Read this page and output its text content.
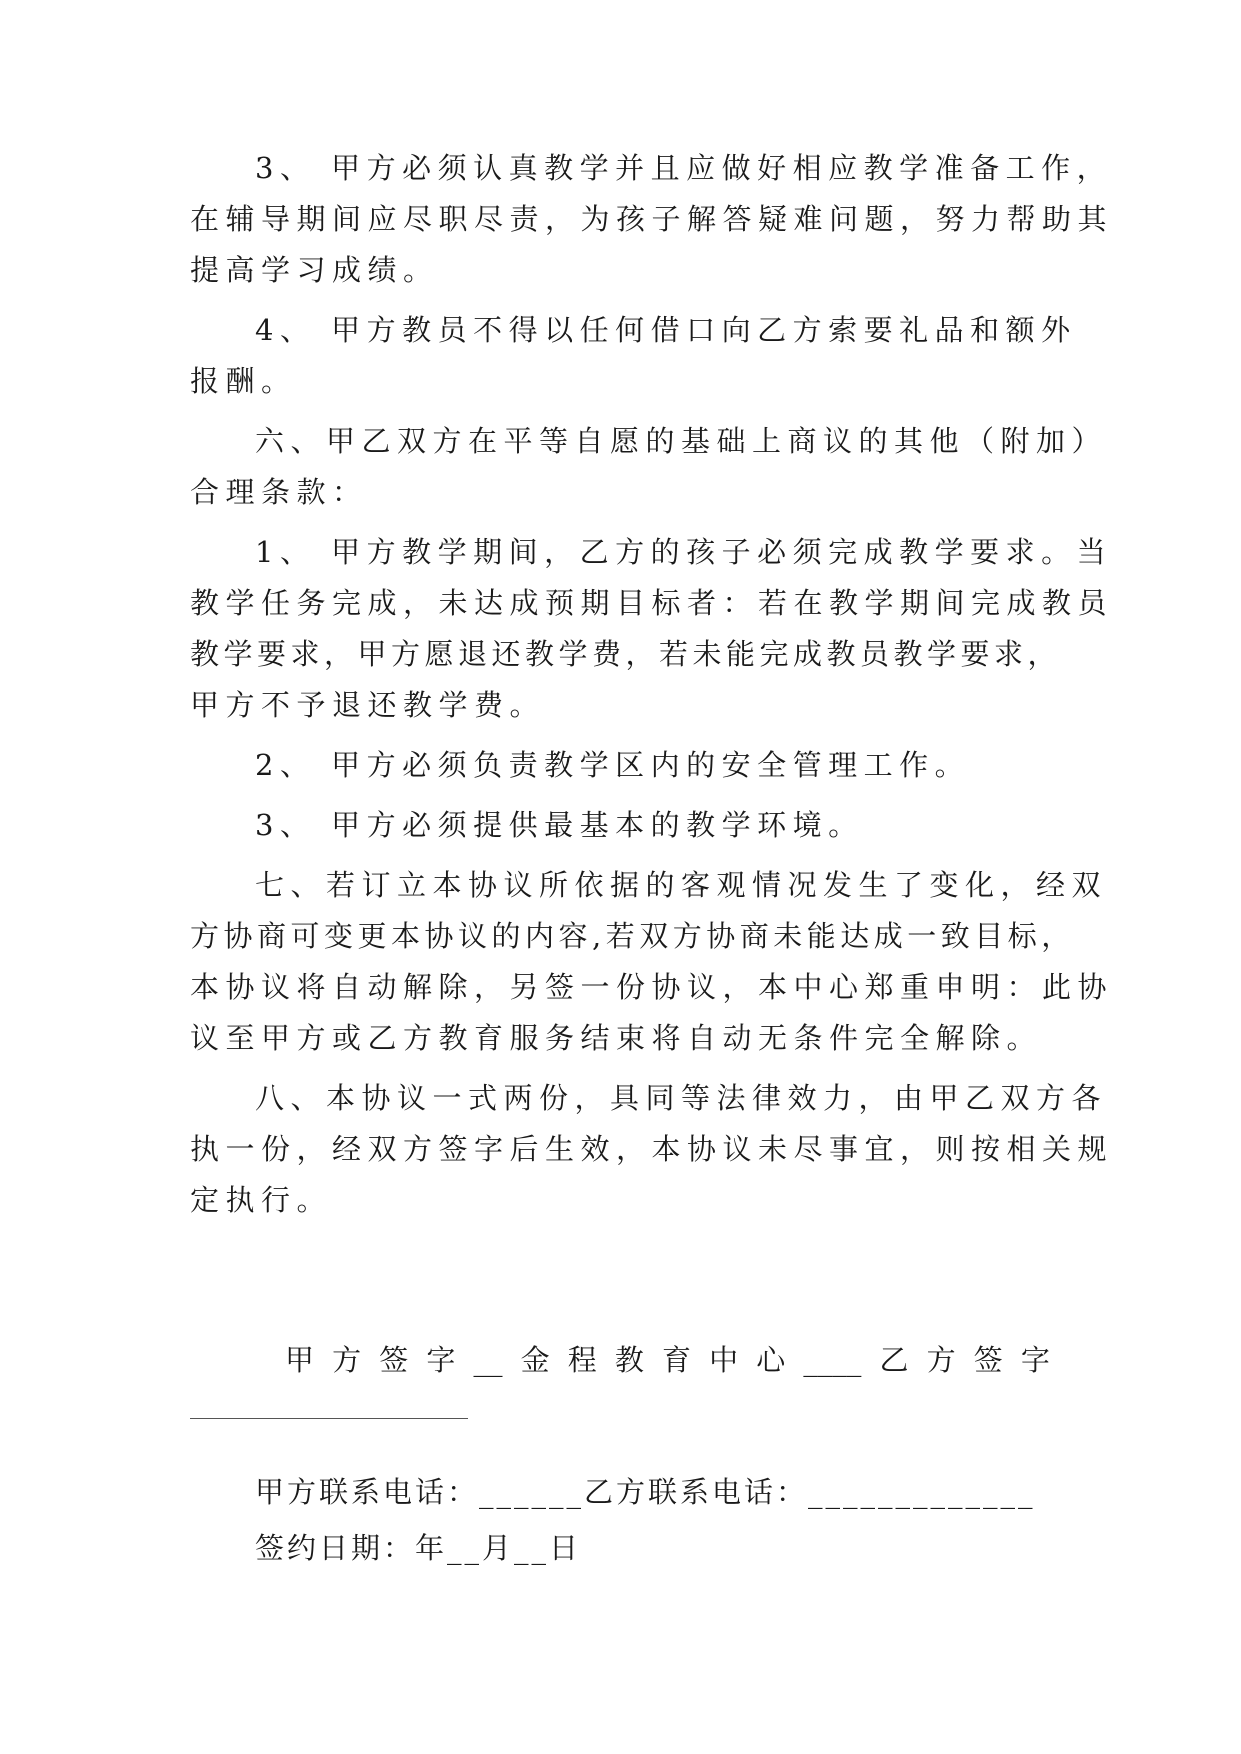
3、 甲方必须认真教学并且应做好相应教学准备工作，
在辅导期间应尽职尽责，为孩子解答疑难问题，努力帮助其
提高学习成绩。
4、 甲方教员不得以任何借口向乙方索要礼品和额外
报酬。
六、甲乙双方在平等自愿的基础上商议的其他（附加）
合理条款：
1、 甲方教学期间，乙方的孩子必须完成教学要求。当
教学任务完成，未达成预期目标者：若在教学期间完成教员
教学要求，甲方愿退还教学费，若未能完成教员教学要求，
甲方不予退还教学费。
2、 甲方必须负责教学区内的安全管理工作。
3、 甲方必须提供最基本的教学环境。
七、若订立本协议所依据的客观情况发生了变化，经双
方协商可变更本协议的内容,若双方协商未能达成一致目标，
本协议将自动解除，另签一份协议，本中心郑重申明：此协
议至甲方或乙方教育服务结束将自动无条件完全解除。
八、本协议一式两份，具同等法律效力，由甲乙双方各
执一份，经双方签字后生效，本协议未尽事宜，则按相关规
定执行。
甲 方 签 字 __ 金 程 教 育 中 心 ____ 乙 方 签 字
甲方联系电话：______乙方联系电话：_____________
签约日期：年__月__日
